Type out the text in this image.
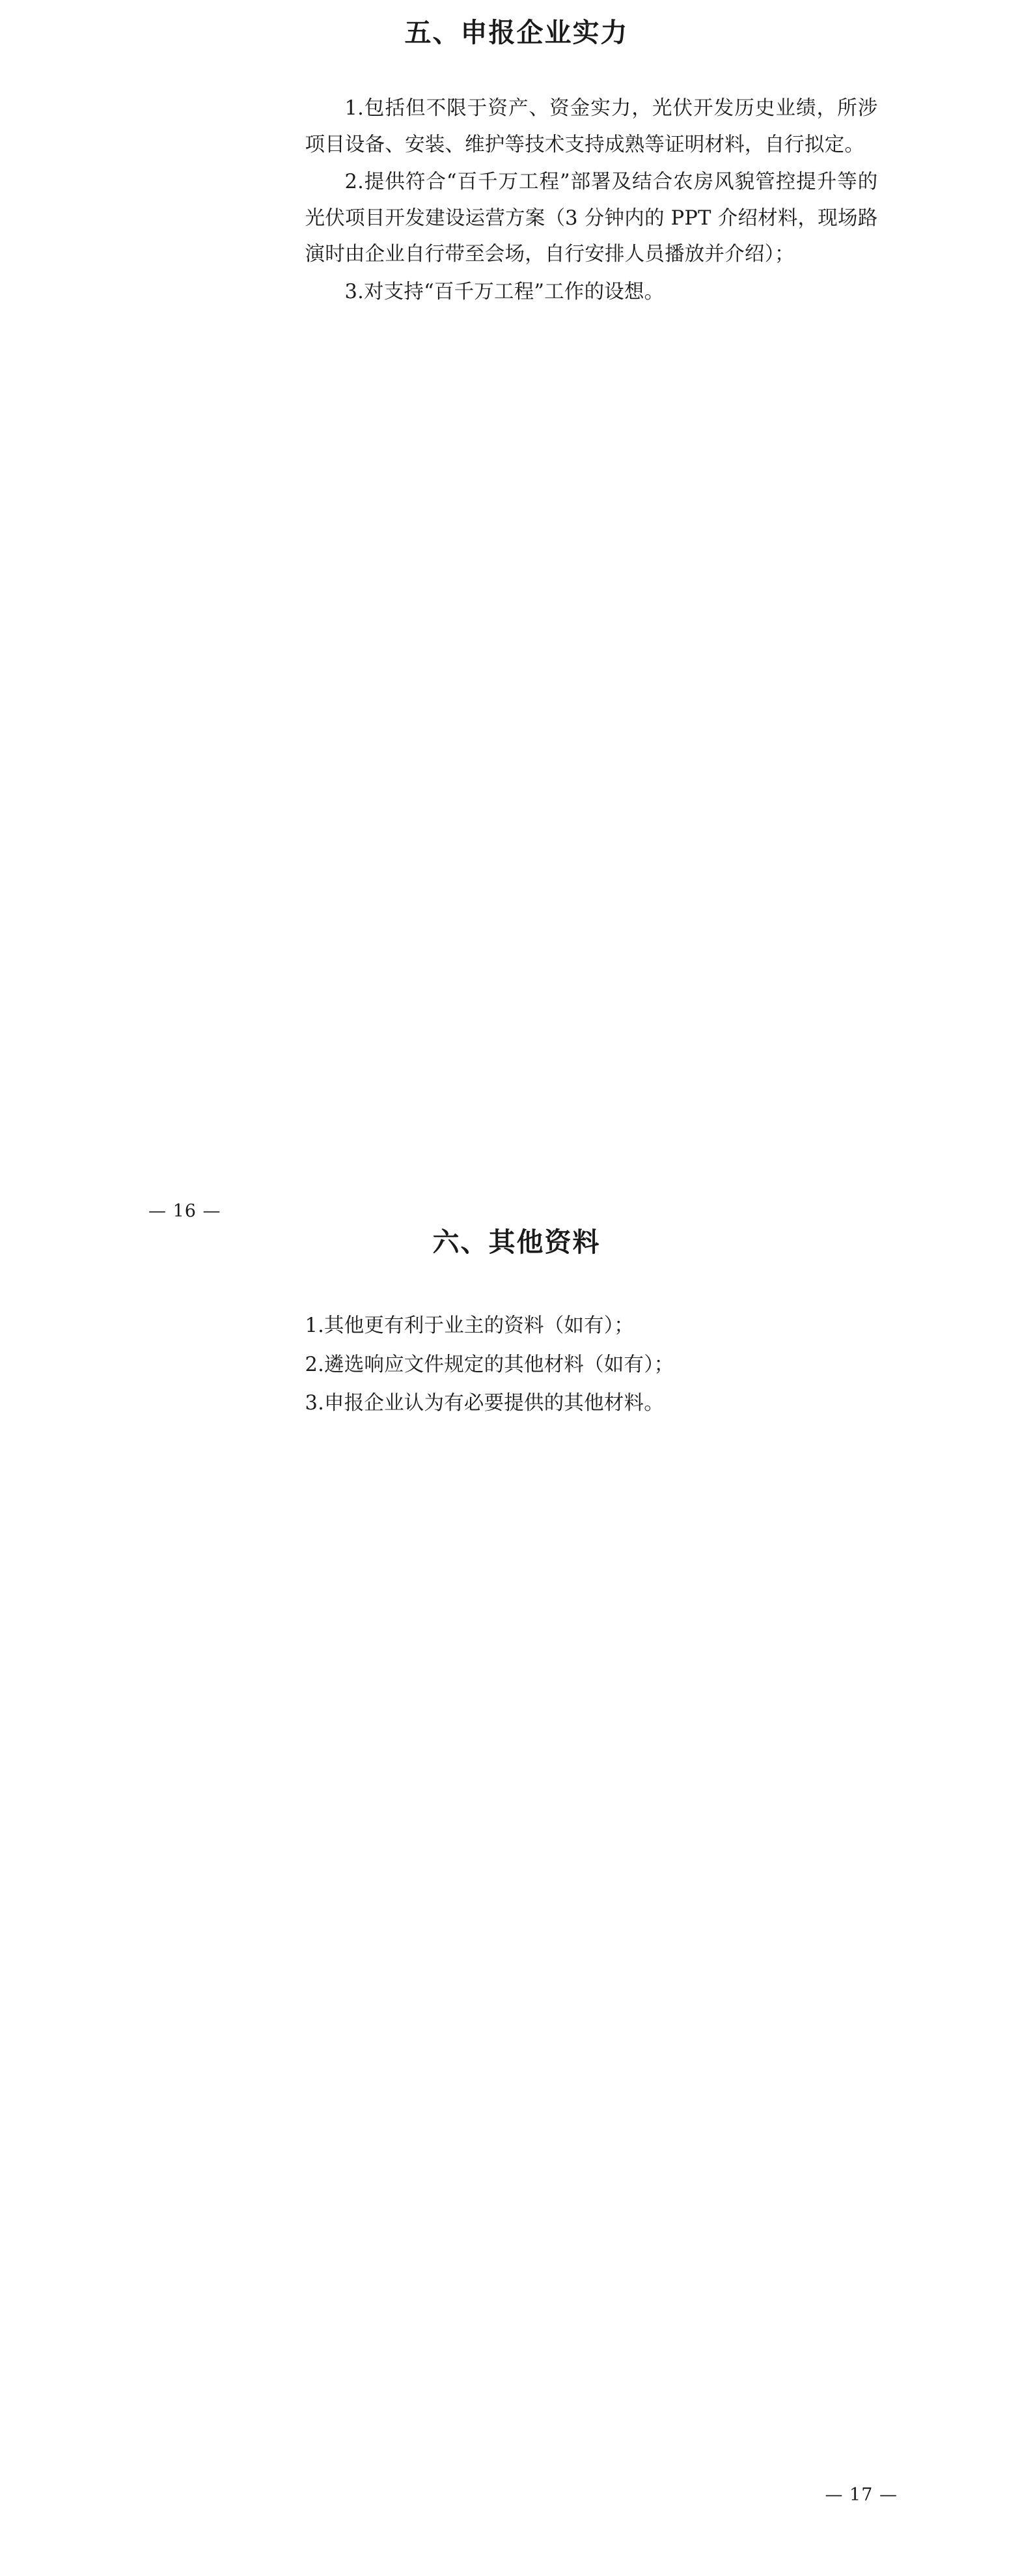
五、申报企业实力

1.包括但不限于资产、资金实力，光伏开发历史业绩，所涉项目设备、安装、维护等技术支持成熟等证明材料，自行拟定。

2.提供符合“百千万工程”部署及结合农房风貌管控提升等的光伏项目开发建设运营方案（3 分钟内的 PPT 介绍材料，现场路演时由企业自行带至会场，自行安排人员播放并介绍）；

3.对支持“百千万工程”工作的设想。

— 16 —
六、其他资料

1.其他更有利于业主的资料（如有）；

2.遴选响应文件规定的其他材料（如有）；

3.申报企业认为有必要提供的其他材料。

— 17 —
